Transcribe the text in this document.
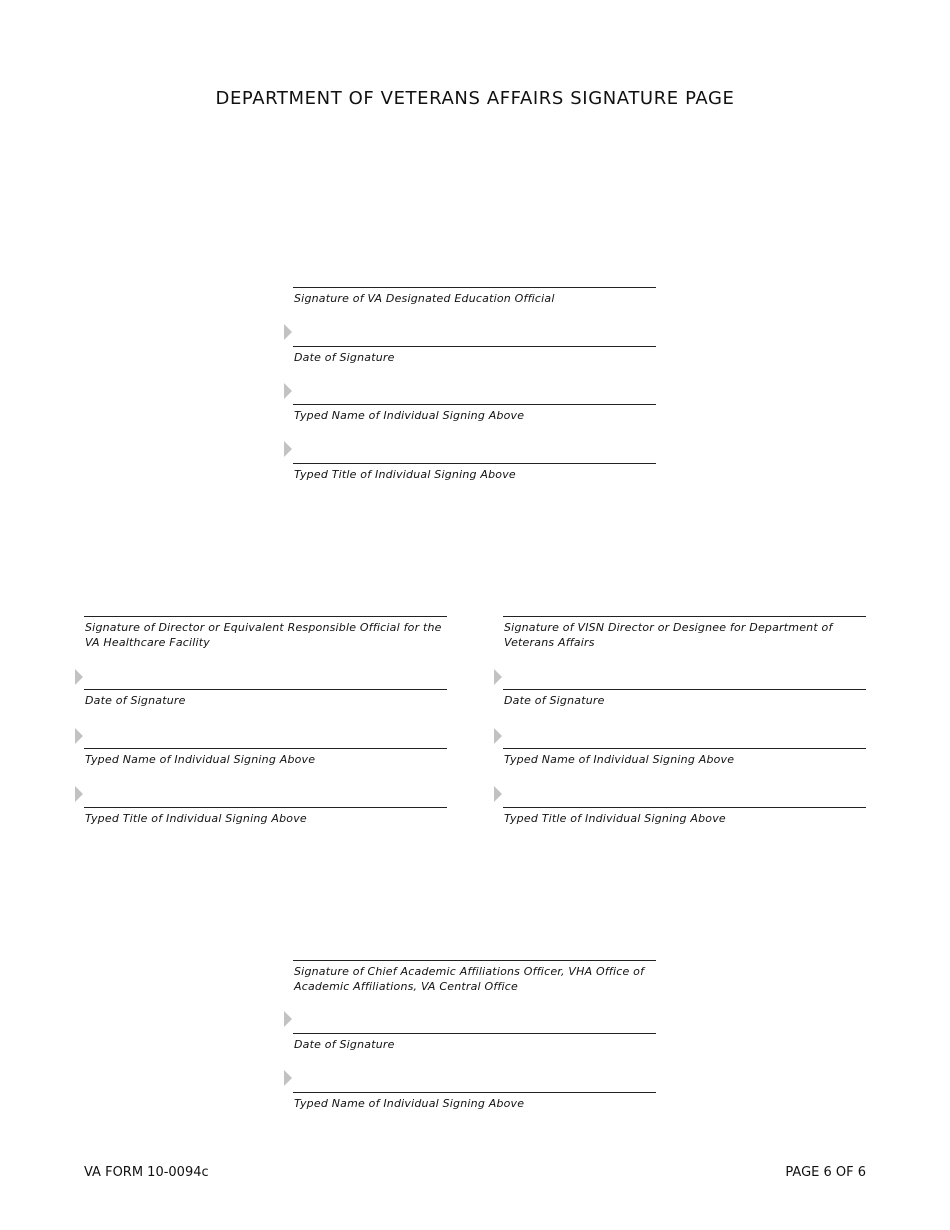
DEPARTMENT OF VETERANS AFFAIRS SIGNATURE PAGE
Signature of VA Designated Education Official
Date of Signature
Typed Name of Individual Signing Above
Typed Title of Individual Signing Above
Signature of Director or Equivalent Responsible Official for the VA Healthcare Facility
Date of Signature
Typed Name of Individual Signing Above
Typed Title of Individual Signing Above
Signature of VISN Director or Designee for Department of Veterans Affairs
Date of Signature
Typed Name of Individual Signing Above
Typed Title of Individual Signing Above
Signature of Chief Academic Affiliations Officer, VHA Office of Academic Affiliations, VA Central Office
Date of Signature
Typed Name of Individual Signing Above
VA FORM 10-0094c	PAGE 6 OF 6
